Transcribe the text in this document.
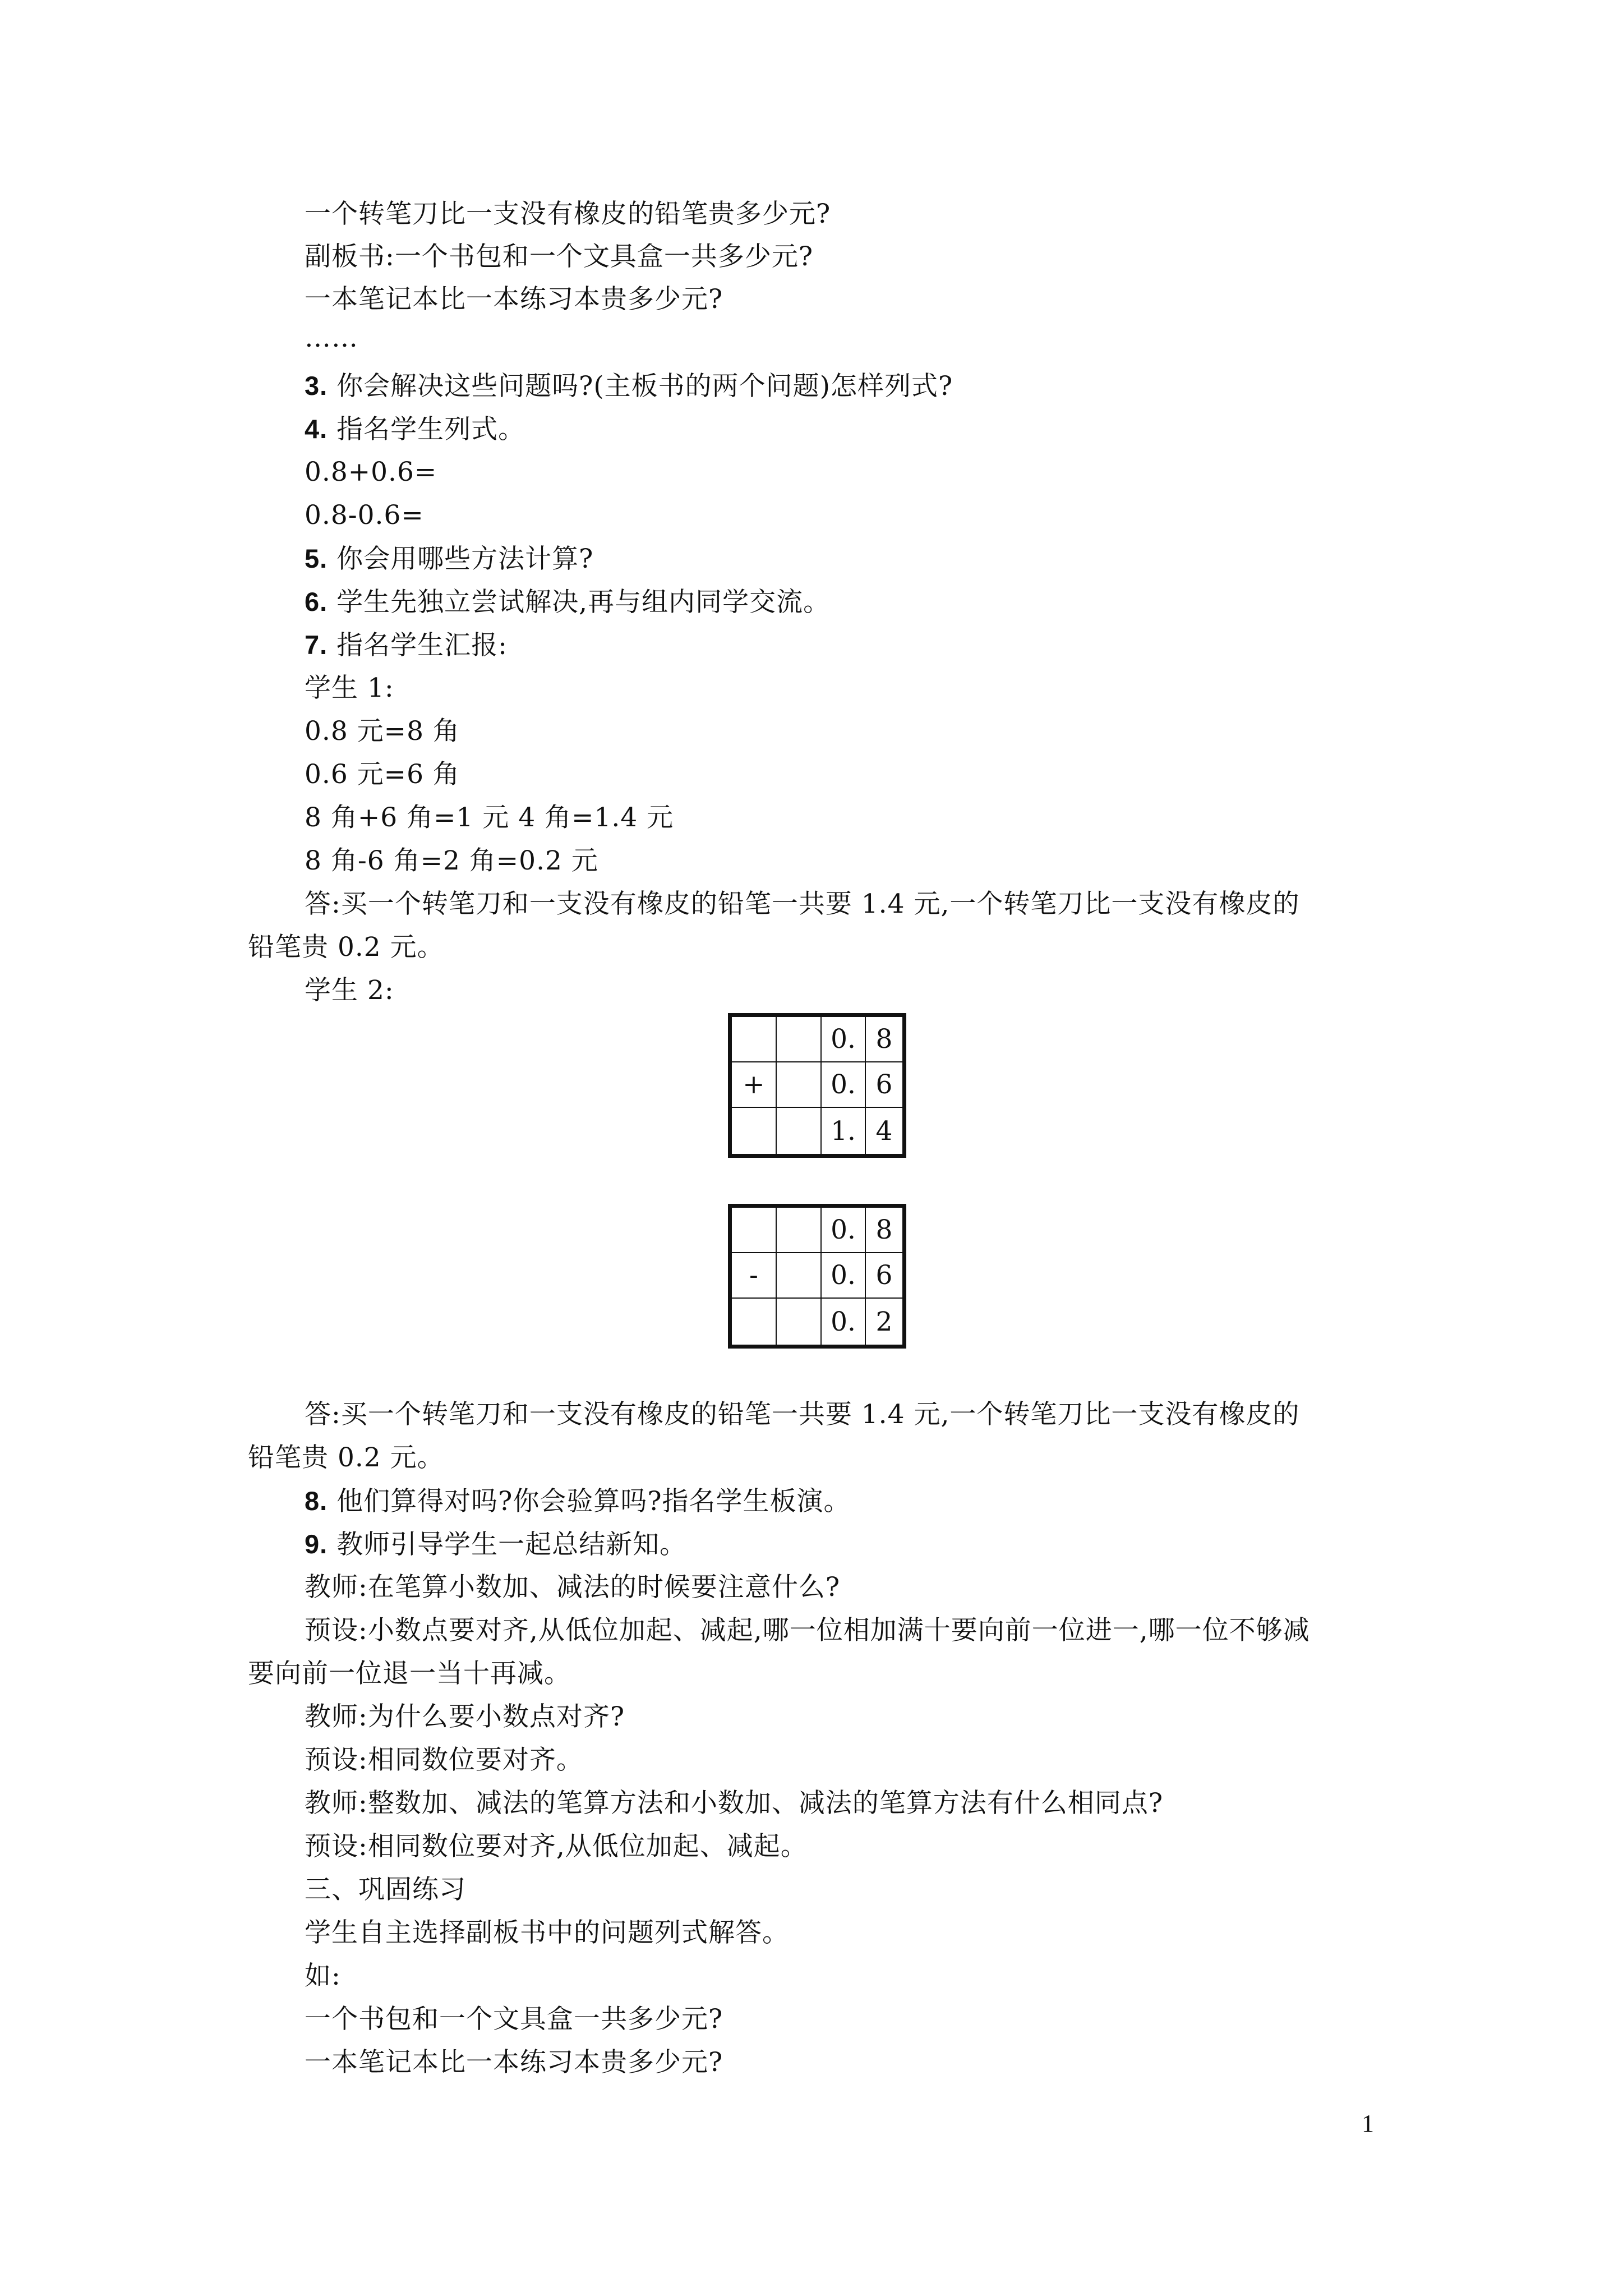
一个转笔刀比一支没有橡皮的铅笔贵多少元?
副板书:一个书包和一个文具盒一共多少元?
一本笔记本比一本练习本贵多少元?
……
3. 你会解决这些问题吗?(主板书的两个问题)怎样列式?
4. 指名学生列式。
0.8+0.6=
0.8-0.6=
5. 你会用哪些方法计算?
6. 学生先独立尝试解决,再与组内同学交流。
7. 指名学生汇报:
学生 1:
0.8 元=8 角
0.6 元=6 角
8 角+6 角=1 元 4 角=1.4 元
8 角-6 角=2 角=0.2 元
答:买一个转笔刀和一支没有橡皮的铅笔一共要 1.4 元,一个转笔刀比一支没有橡皮的
铅笔贵 0.2 元。
学生 2:
0. 8
+	0. 6
1. 4
0. 8
-	0. 6
0. 2
答:买一个转笔刀和一支没有橡皮的铅笔一共要 1.4 元,一个转笔刀比一支没有橡皮的
铅笔贵 0.2 元。
8. 他们算得对吗?你会验算吗?指名学生板演。
9. 教师引导学生一起总结新知。
教师:在笔算小数加、减法的时候要注意什么?
预设:小数点要对齐,从低位加起、减起,哪一位相加满十要向前一位进一,哪一位不够减
要向前一位退一当十再减。
教师:为什么要小数点对齐?
预设:相同数位要对齐。
教师:整数加、减法的笔算方法和小数加、减法的笔算方法有什么相同点?
预设:相同数位要对齐,从低位加起、减起。
三、巩固练习
学生自主选择副板书中的问题列式解答。
如:
一个书包和一个文具盒一共多少元?
一本笔记本比一本练习本贵多少元?
1
